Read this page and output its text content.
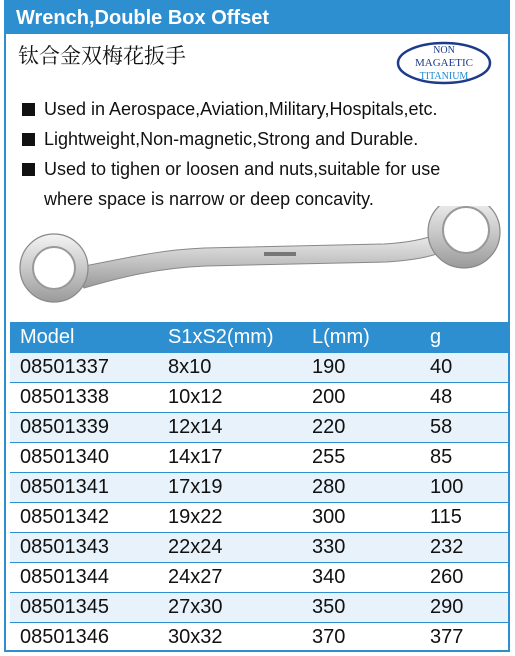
Wrench,Double Box Offset
钛合金双梅花扳手	NON
MAGAETIC
TITANIUM
Used in Aerospace,Aviation,Military,Hospitals,etc.
Lightweight,Non-magnetic,Strong and Durable.
Used to tighen or loosen and nuts,suitable for use
where space is narrow or deep concavity.
Model	S1xS2(mm)	L(mm)	g
08501337	8x10	190	40
08501338	10x12	200	48
08501339	12x14	220	58
08501340	14x17	255	85
08501341	17x19	280	100
08501342	19x22	300	115
08501343	22x24	330	232
08501344	24x27	340	260
08501345	27x30	350	290
08501346	30x32	370	377
